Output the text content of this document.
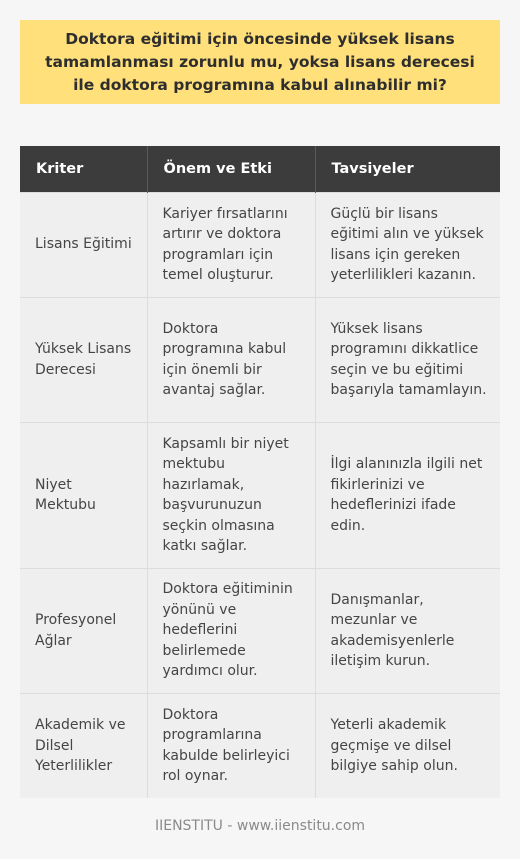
Doktora eğitimi için öncesinde yüksek lisans tamamlanması zorunlu mu, yoksa lisans derecesi ile doktora programına kabul alınabilir mi?
Kriter	Önem ve Etki	Tavsiyeler
Lisans Eğitimi	Kariyer fırsatlarını artırır ve doktora programları için temel oluşturur.	Güçlü bir lisans eğitimi alın ve yüksek lisans için gereken yeterlilikleri kazanın.
Yüksek Lisans Derecesi	Doktora programına kabul için önemli bir avantaj sağlar.	Yüksek lisans programını dikkatlice seçin ve bu eğitimi başarıyla tamamlayın.
Niyet Mektubu	Kapsamlı bir niyet mektubu hazırlamak, başvurunuzun seçkin olmasına katkı sağlar.	İlgi alanınızla ilgili net fikirlerinizi ve hedeflerinizi ifade edin.
Profesyonel Ağlar	Doktora eğitiminin yönünü ve hedeflerini belirlemede yardımcı olur.	Danışmanlar, mezunlar ve akademisyenlerle iletişim kurun.
Akademik ve Dilsel Yeterlilikler	Doktora programlarına kabulde belirleyici rol oynar.	Yeterli akademik geçmişe ve dilsel bilgiye sahip olun.
IIENSTITU - www.iienstitu.com
